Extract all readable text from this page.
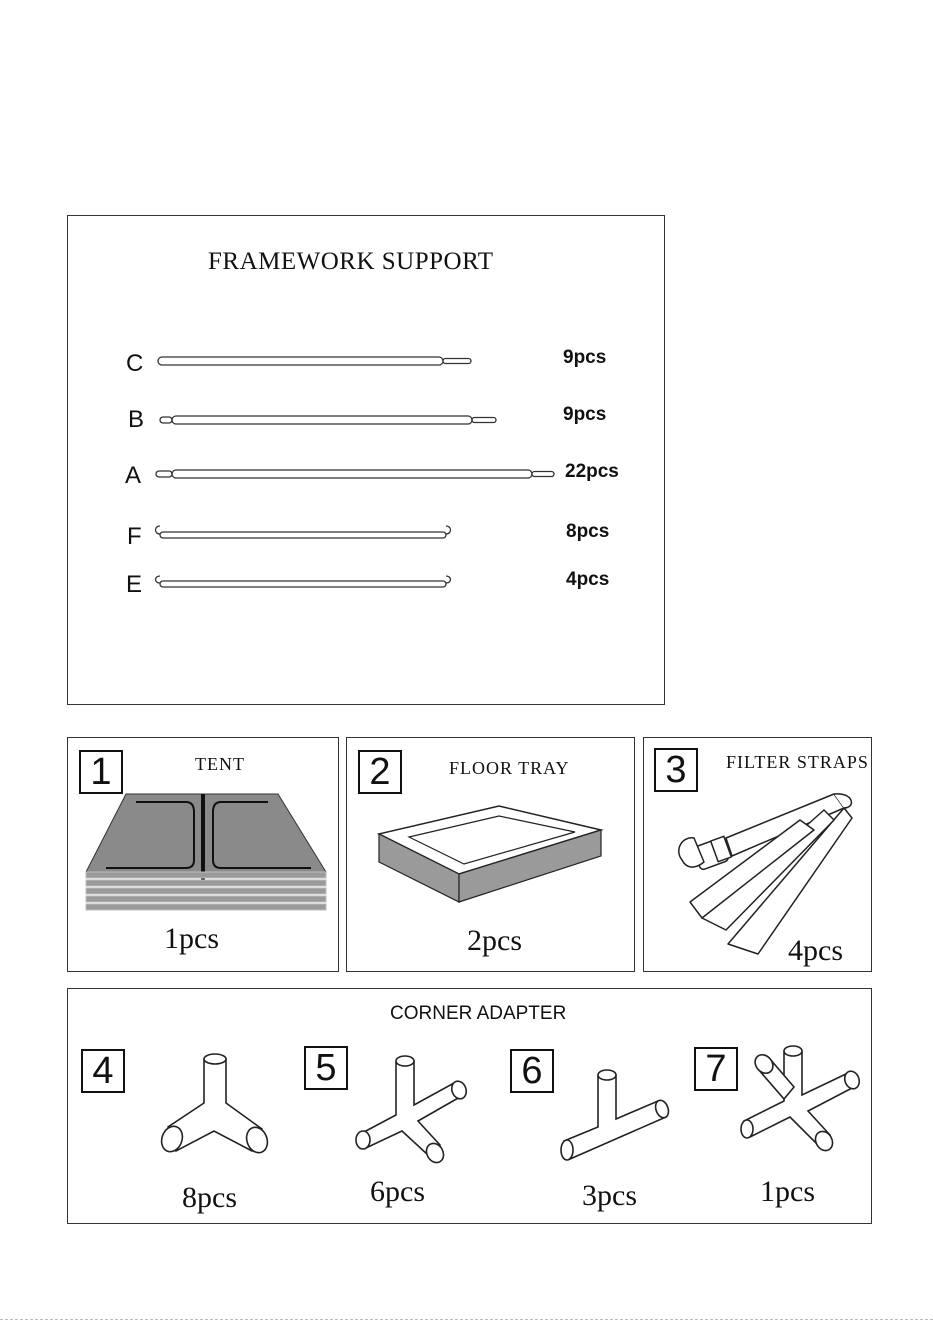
FRAMEWORK SUPPORT
C	9pcs
B	9pcs
A	22pcs
F	8pcs
E	4pcs
1	TENT
1pcs
2	FLOOR TRAY
2pcs
3	FILTER STRAPS
4pcs
CORNER ADAPTER
4
8pcs
5
6pcs
6
3pcs
7
1pcs
